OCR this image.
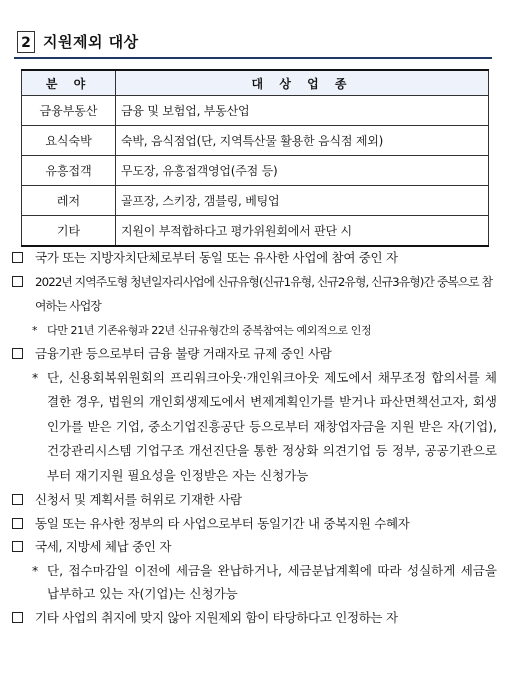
2 지원제외 대상
분 야	대 상 업 종
금융부동산	금융 및 보험업, 부동산업
요식숙박	숙박, 음식점업(단, 지역특산물 활용한 음식점 제외)
유흥접객	무도장, 유흥접객영업(주점 등)
레저	골프장, 스키장, 갬블링, 베팅업
기타	지원이 부적합하다고 평가위원회에서 판단 시
국가 또는 지방자치단체로부터 동일 또는 유사한 사업에 참여 중인 자
2022년 지역주도형 청년일자리사업에 신규유형(신규1유형, 신규2유형, 신규3유형)간 중복으로 참여하는 사업장
* 다만 21년 기존유형과 22년 신규유형간의 중복참여는 예외적으로 인정
금융기관 등으로부터 금융 불량 거래자로 규제 중인 사람
* 단, 신용회복위원회의 프리워크아웃·개인워크아웃 제도에서 채무조정 합의서를 체결한 경우, 법원의 개인회생제도에서 변제계획인가를 받거나 파산면책선고자, 회생인가를 받은 기업, 중소기업진흥공단 등으로부터 재창업자금을 지원 받은 자(기업), 건강관리시스템 기업구조 개선진단을 통한 정상화 의견기업 등 정부, 공공기관으로부터 재기지원 필요성을 인정받은 자는 신청가능
신청서 및 계획서를 허위로 기재한 사람
동일 또는 유사한 정부의 타 사업으로부터 동일기간 내 중복지원 수혜자
국세, 지방세 체납 중인 자
* 단, 접수마감일 이전에 세금을 완납하거나, 세금분납계획에 따라 성실하게 세금을 납부하고 있는 자(기업)는 신청가능
기타 사업의 취지에 맞지 않아 지원제외 함이 타당하다고 인정하는 자
